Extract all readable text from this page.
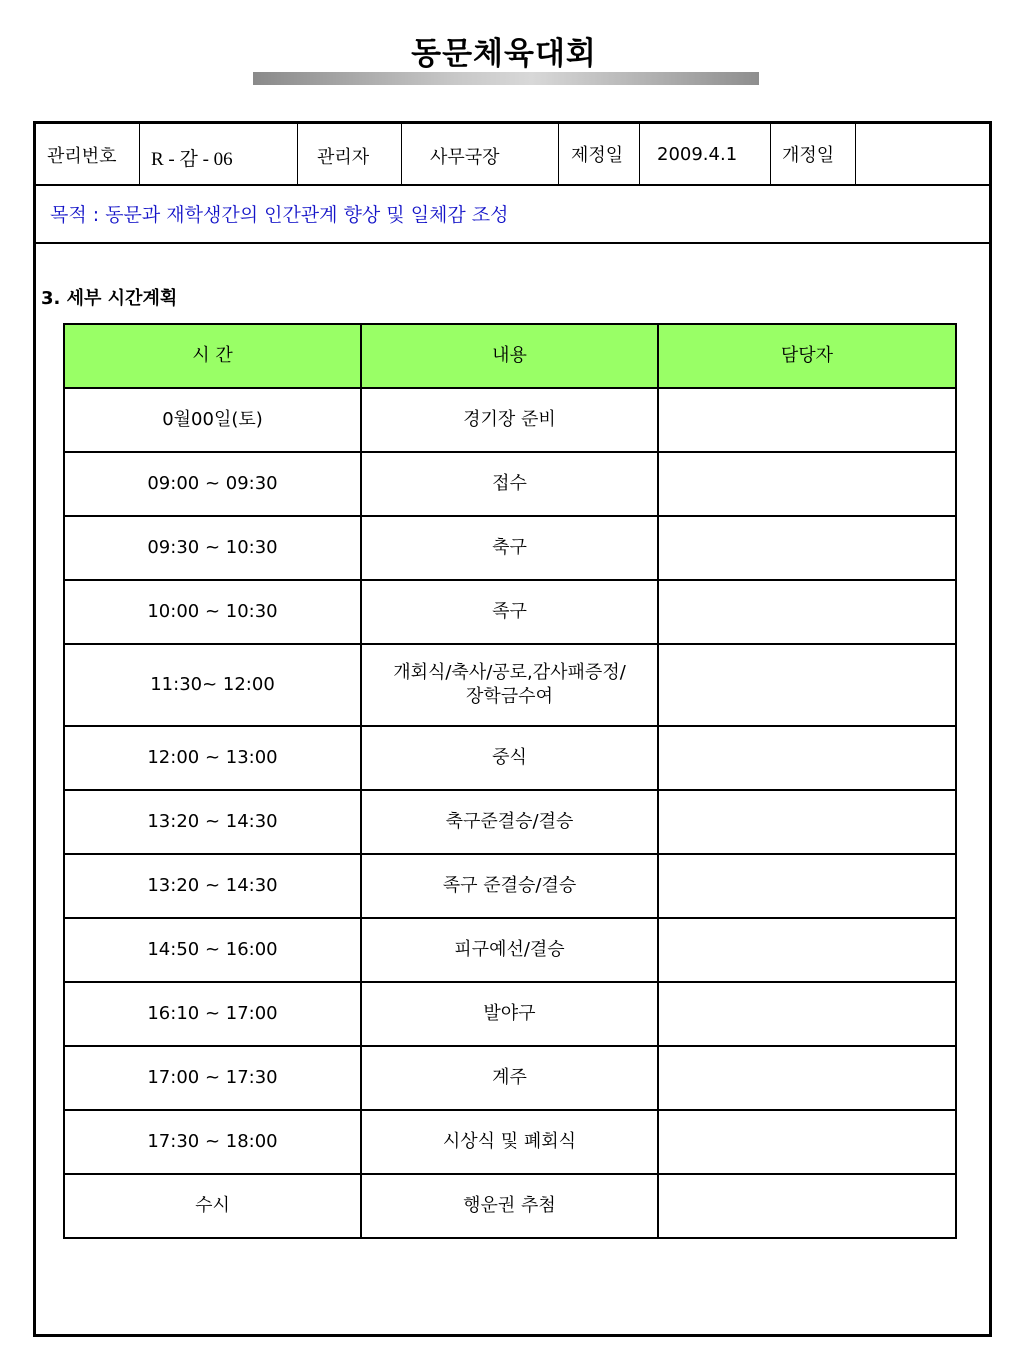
동문체육대회
관리번호 R - 감 - 06	관리자	사무국장	제정일 2009.4.1 개정일
목적 : 동문과 재학생간의 인간관계 향상 및 일체감 조성
3. 세부 시간계획
시 간	내용	담당자
0월00일(토)	경기장 준비	
09:00 ~ 09:30	접수	
09:30 ~ 10:30	축구	
10:00 ~ 10:30	족구	
11:30~ 12:00	개회식/축사/공로,감사패증정/장학금수여	
12:00 ~ 13:00	중식	
13:20 ~ 14:30	축구준결승/결승	
13:20 ~ 14:30	족구 준결승/결승	
14:50 ~ 16:00	피구예선/결승	
16:10 ~ 17:00	발야구	
17:00 ~ 17:30	계주	
17:30 ~ 18:00	시상식 및 폐회식	
수시	행운권 추첨	
